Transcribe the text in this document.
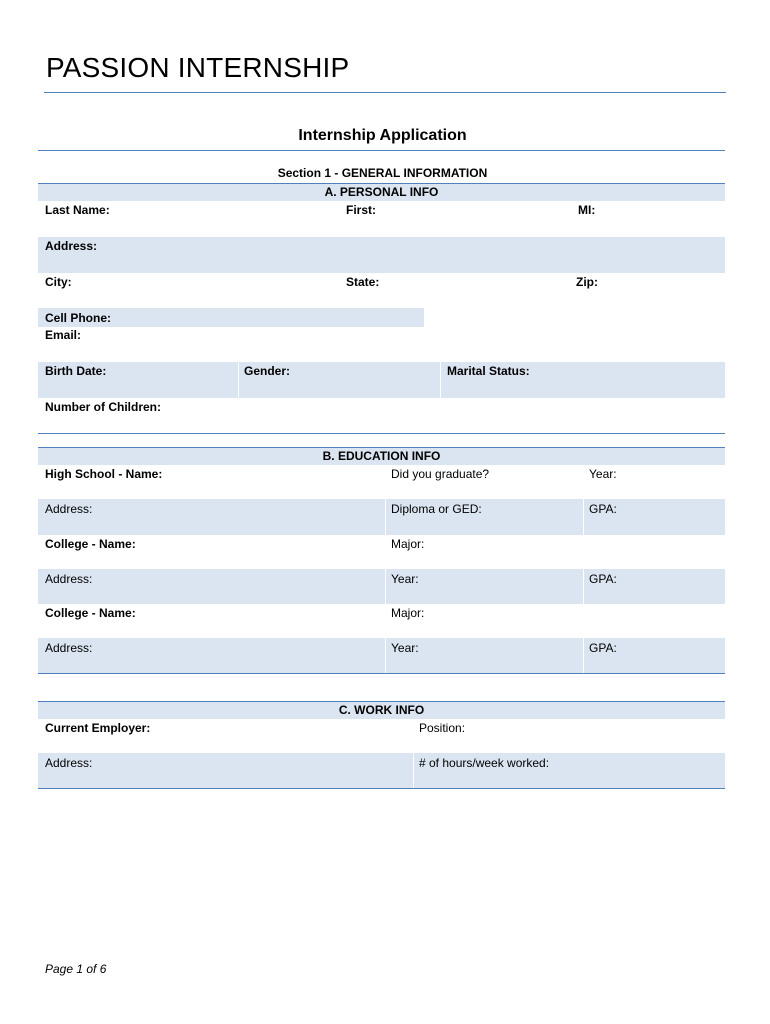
PASSION INTERNSHIP
Internship Application
Section 1 - GENERAL INFORMATION
A. PERSONAL INFO
Last Name:	First:	MI:
Address:
City:	State:	Zip:
Cell Phone:
Email:
Birth Date:	Gender:	Marital Status:
Number of Children:
B. EDUCATION INFO
High School - Name:	Did you graduate?	Year:
Address:	Diploma or GED:	GPA:
College - Name:	Major:
Address:	Year:	GPA:
College - Name:	Major:
Address:	Year:	GPA:
C. WORK INFO
Current Employer:	Position:
Address:	# of hours/week worked:
Page 1 of 6
